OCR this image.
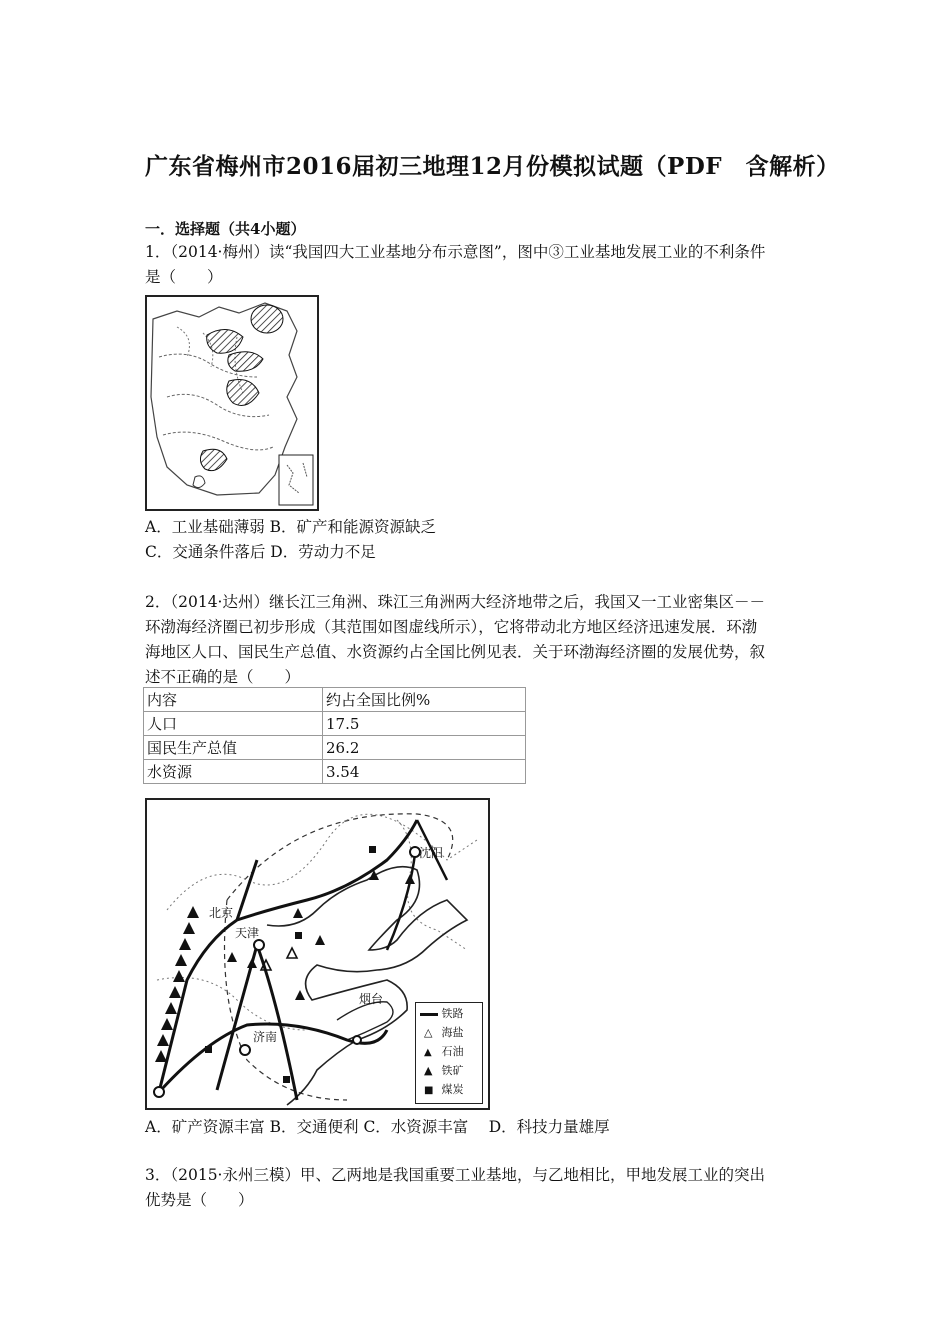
广东省梅州市2016届初三地理12月份模拟试题（PDF　含解析）
一．选择题（共4小题）
1．（2014·梅州）读“我国四大工业基地分布示意图”，图中③工业基地发展工业的不利条件
是（　　）
A．工业基础薄弱 B．矿产和能源资源缺乏
C．交通条件落后 D．劳动力不足
2．（2014·达州）继长江三角洲、珠江三角洲两大经济地带之后，我国又一工业密集区－－
环渤海经济圈已初步形成（其范围如图虚线所示），它将带动北方地区经济迅速发展．环渤
海地区人口、国民生产总值、水资源约占全国比例见表．关于环渤海经济圈的发展优势，叙
述不正确的是（　　）
内容	约占全国比例%
人口	17.5
国民生产总值	26.2
水资源	3.54
沈阳
北京
天津
烟台
济南
铁路
△ 海盐
▲ 石油
▲ 铁矿
■ 煤炭
A．矿产资源丰富 B．交通便利 C．水资源丰富　 D．科技力量雄厚
3．（2015·永州三模）甲、乙两地是我国重要工业基地，与乙地相比，甲地发展工业的突出
优势是（　　）
